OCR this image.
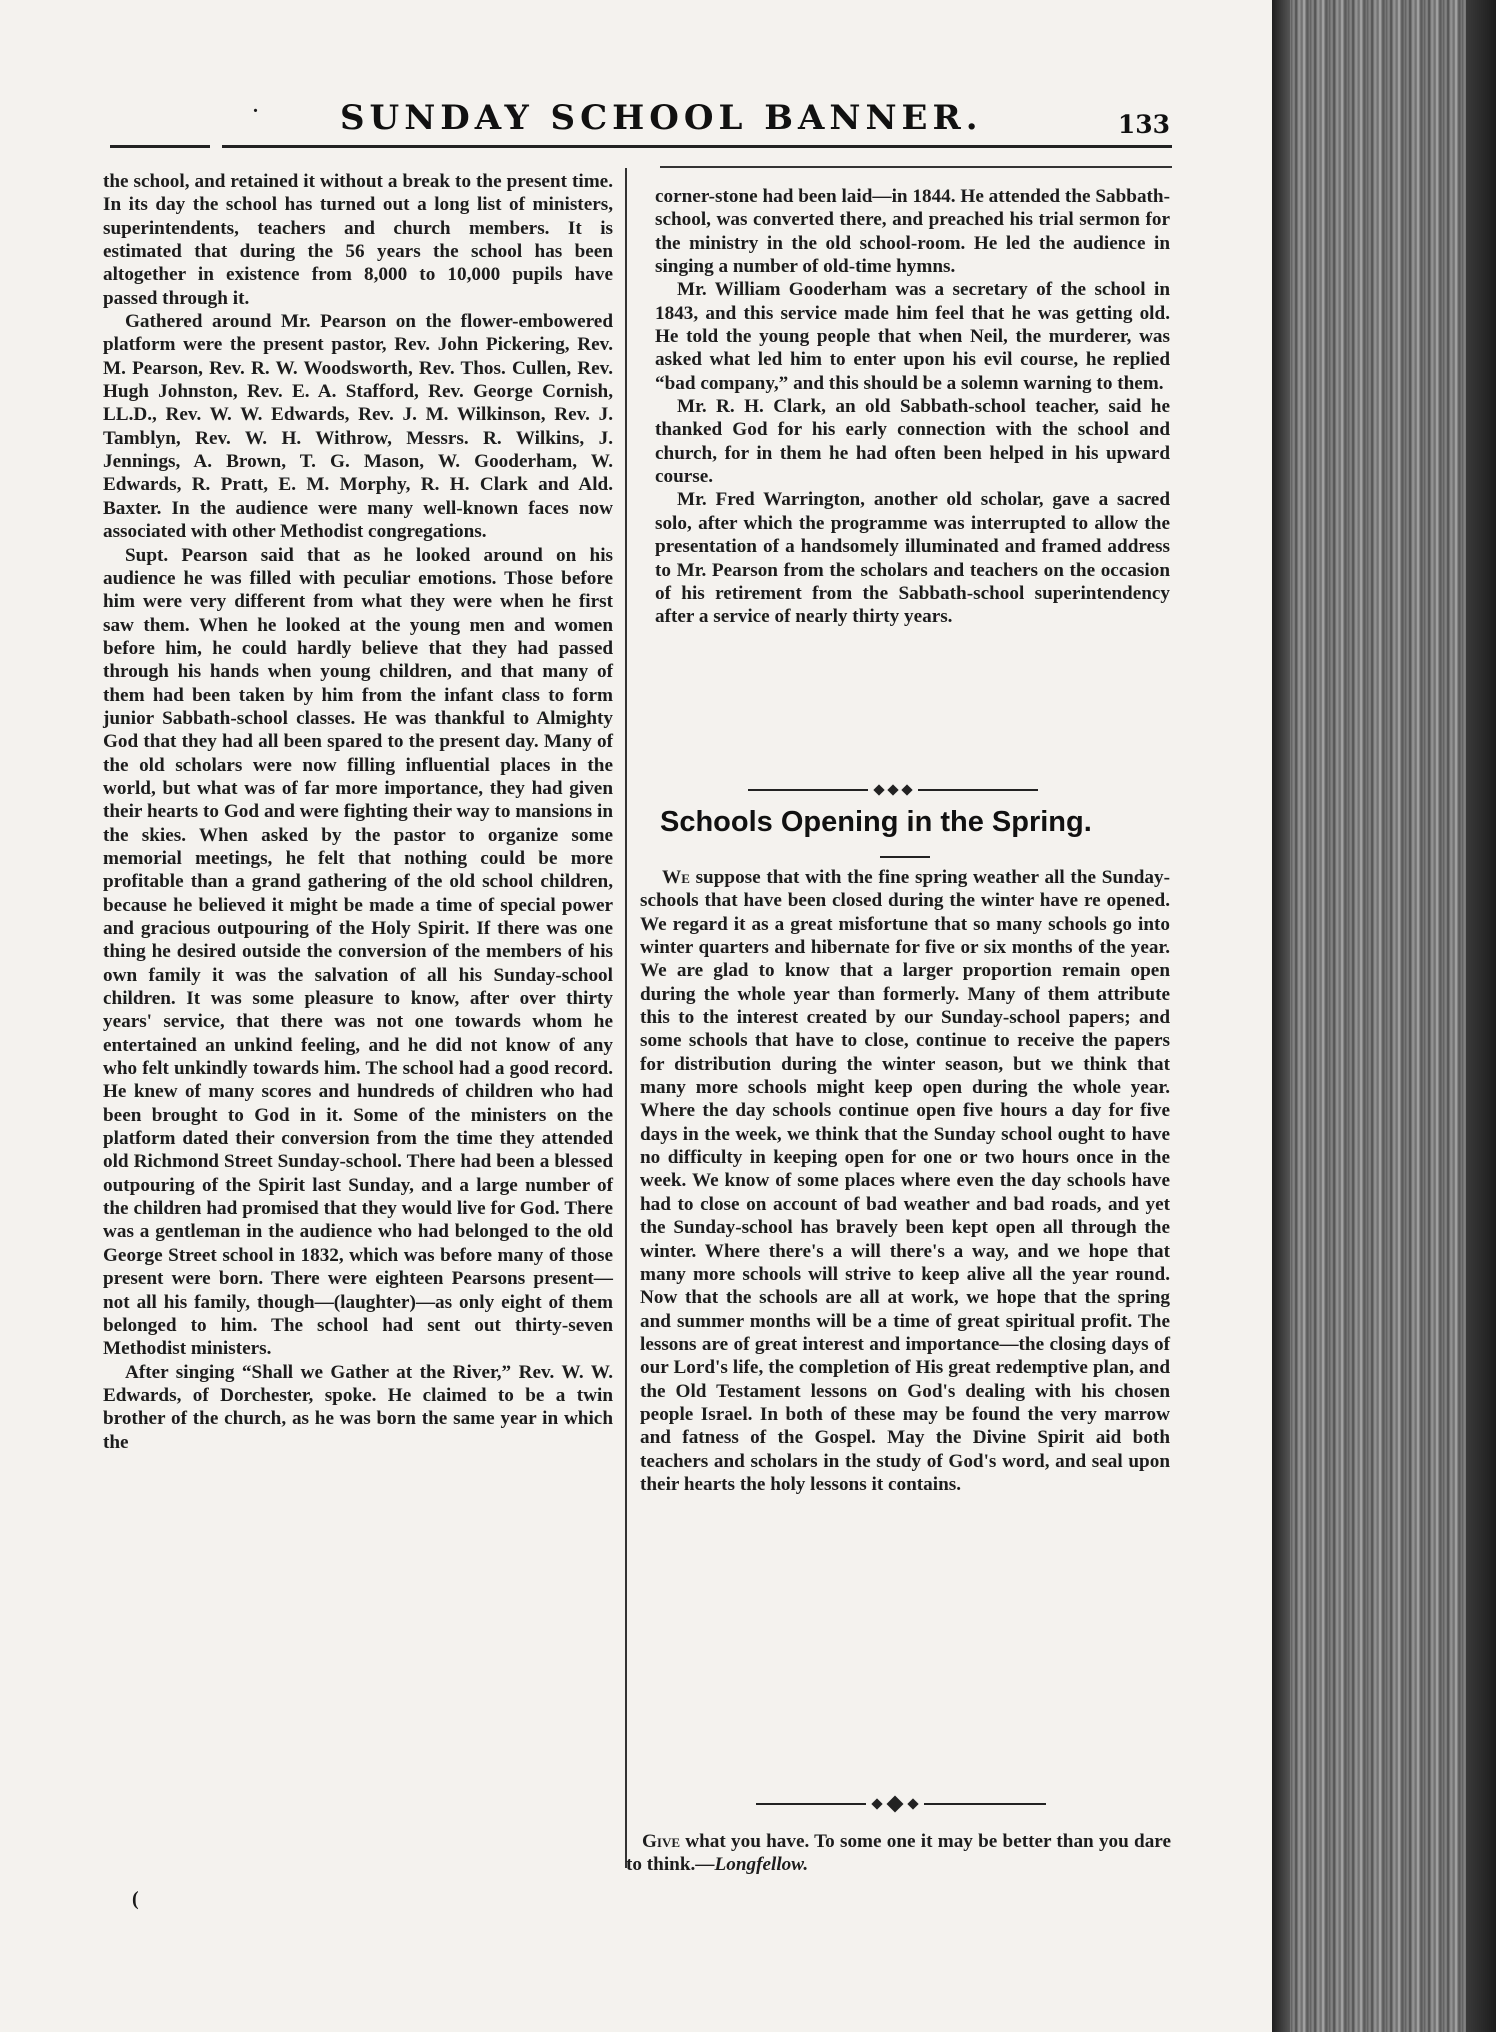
. SUNDAY SCHOOL BANNER.	133

the school, and retained it without a break to the present time. In its day the school has turned out a long list of ministers, superintendents, teachers and church members. It is estimated that during the 56 years the school has been altogether in existence from 8,000 to 10,000 pupils have passed through it.

Gathered around Mr. Pearson on the flower-embowered platform were the present pastor, Rev. John Pickering, Rev. M. Pearson, Rev. R. W. Woodsworth, Rev. Thos. Cullen, Rev. Hugh Johnston, Rev. E. A. Stafford, Rev. George Cornish, LL.D., Rev. W. W. Edwards, Rev. J. M. Wilkinson, Rev. J. Tamblyn, Rev. W. H. Withrow, Messrs. R. Wilkins, J. Jennings, A. Brown, T. G. Mason, W. Gooderham, W. Edwards, R. Pratt, E. M. Morphy, R. H. Clark and Ald. Baxter. In the audience were many well-known faces now associated with other Methodist congregations.

Supt. Pearson said that as he looked around on his audience he was filled with peculiar emotions. Those before him were very different from what they were when he first saw them. When he looked at the young men and women before him, he could hardly believe that they had passed through his hands when young children, and that many of them had been taken by him from the infant class to form junior Sabbath-school classes. He was thankful to Almighty God that they had all been spared to the present day. Many of the old scholars were now filling influential places in the world, but what was of far more importance, they had given their hearts to God and were fighting their way to mansions in the skies. When asked by the pastor to organize some memorial meetings, he felt that nothing could be more profitable than a grand gathering of the old school children, because he believed it might be made a time of special power and gracious outpouring of the Holy Spirit. If there was one thing he desired outside the conversion of the members of his own family it was the salvation of all his Sunday-school children. It was some pleasure to know, after over thirty years' service, that there was not one towards whom he entertained an unkind feeling, and he did not know of any who felt unkindly towards him. The school had a good record. He knew of many scores and hundreds of children who had been brought to God in it. Some of the ministers on the platform dated their conversion from the time they attended old Richmond Street Sunday-school. There had been a blessed outpouring of the Spirit last Sunday, and a large number of the children had promised that they would live for God. There was a gentleman in the audience who had belonged to the old George Street school in 1832, which was before many of those present were born. There were eighteen Pearsons present—not all his family, though—(laughter)—as only eight of them belonged to him. The school had sent out thirty-seven Methodist ministers.

After singing “Shall we Gather at the River,” Rev. W. W. Edwards, of Dorchester, spoke. He claimed to be a twin brother of the church, as he was born the same year in which the

corner-stone had been laid—in 1844. He attended the Sabbath-school, was converted there, and preached his trial sermon for the ministry in the old school-room. He led the audience in singing a number of old-time hymns.

Mr. William Gooderham was a secretary of the school in 1843, and this service made him feel that he was getting old. He told the young people that when Neil, the murderer, was asked what led him to enter upon his evil course, he replied “bad company,” and this should be a solemn warning to them.

Mr. R. H. Clark, an old Sabbath-school teacher, said he thanked God for his early connection with the school and church, for in them he had often been helped in his upward course.

Mr. Fred Warrington, another old scholar, gave a sacred solo, after which the programme was interrupted to allow the presentation of a handsomely illuminated and framed address to Mr. Pearson from the scholars and teachers on the occasion of his retirement from the Sabbath-school superintendency after a service of nearly thirty years.

Schools Opening in the Spring.

We suppose that with the fine spring weather all the Sunday-schools that have been closed during the winter have re opened. We regard it as a great misfortune that so many schools go into winter quarters and hibernate for five or six months of the year. We are glad to know that a larger proportion remain open during the whole year than formerly. Many of them attribute this to the interest created by our Sunday-school papers; and some schools that have to close, continue to receive the papers for distribution during the winter season, but we think that many more schools might keep open during the whole year. Where the day schools continue open five hours a day for five days in the week, we think that the Sunday school ought to have no difficulty in keeping open for one or two hours once in the week. We know of some places where even the day schools have had to close on account of bad weather and bad roads, and yet the Sunday-school has bravely been kept open all through the winter. Where there's a will there's a way, and we hope that many more schools will strive to keep alive all the year round. Now that the schools are all at work, we hope that the spring and summer months will be a time of great spiritual profit. The lessons are of great interest and importance—the closing days of our Lord's life, the completion of His great redemptive plan, and the Old Testament lessons on God's dealing with his chosen people Israel. In both of these may be found the very marrow and fatness of the Gospel. May the Divine Spirit aid both teachers and scholars in the study of God's word, and seal upon their hearts the holy lessons it contains.

Give what you have. To some one it may be better than you dare to think.—Longfellow.

(
